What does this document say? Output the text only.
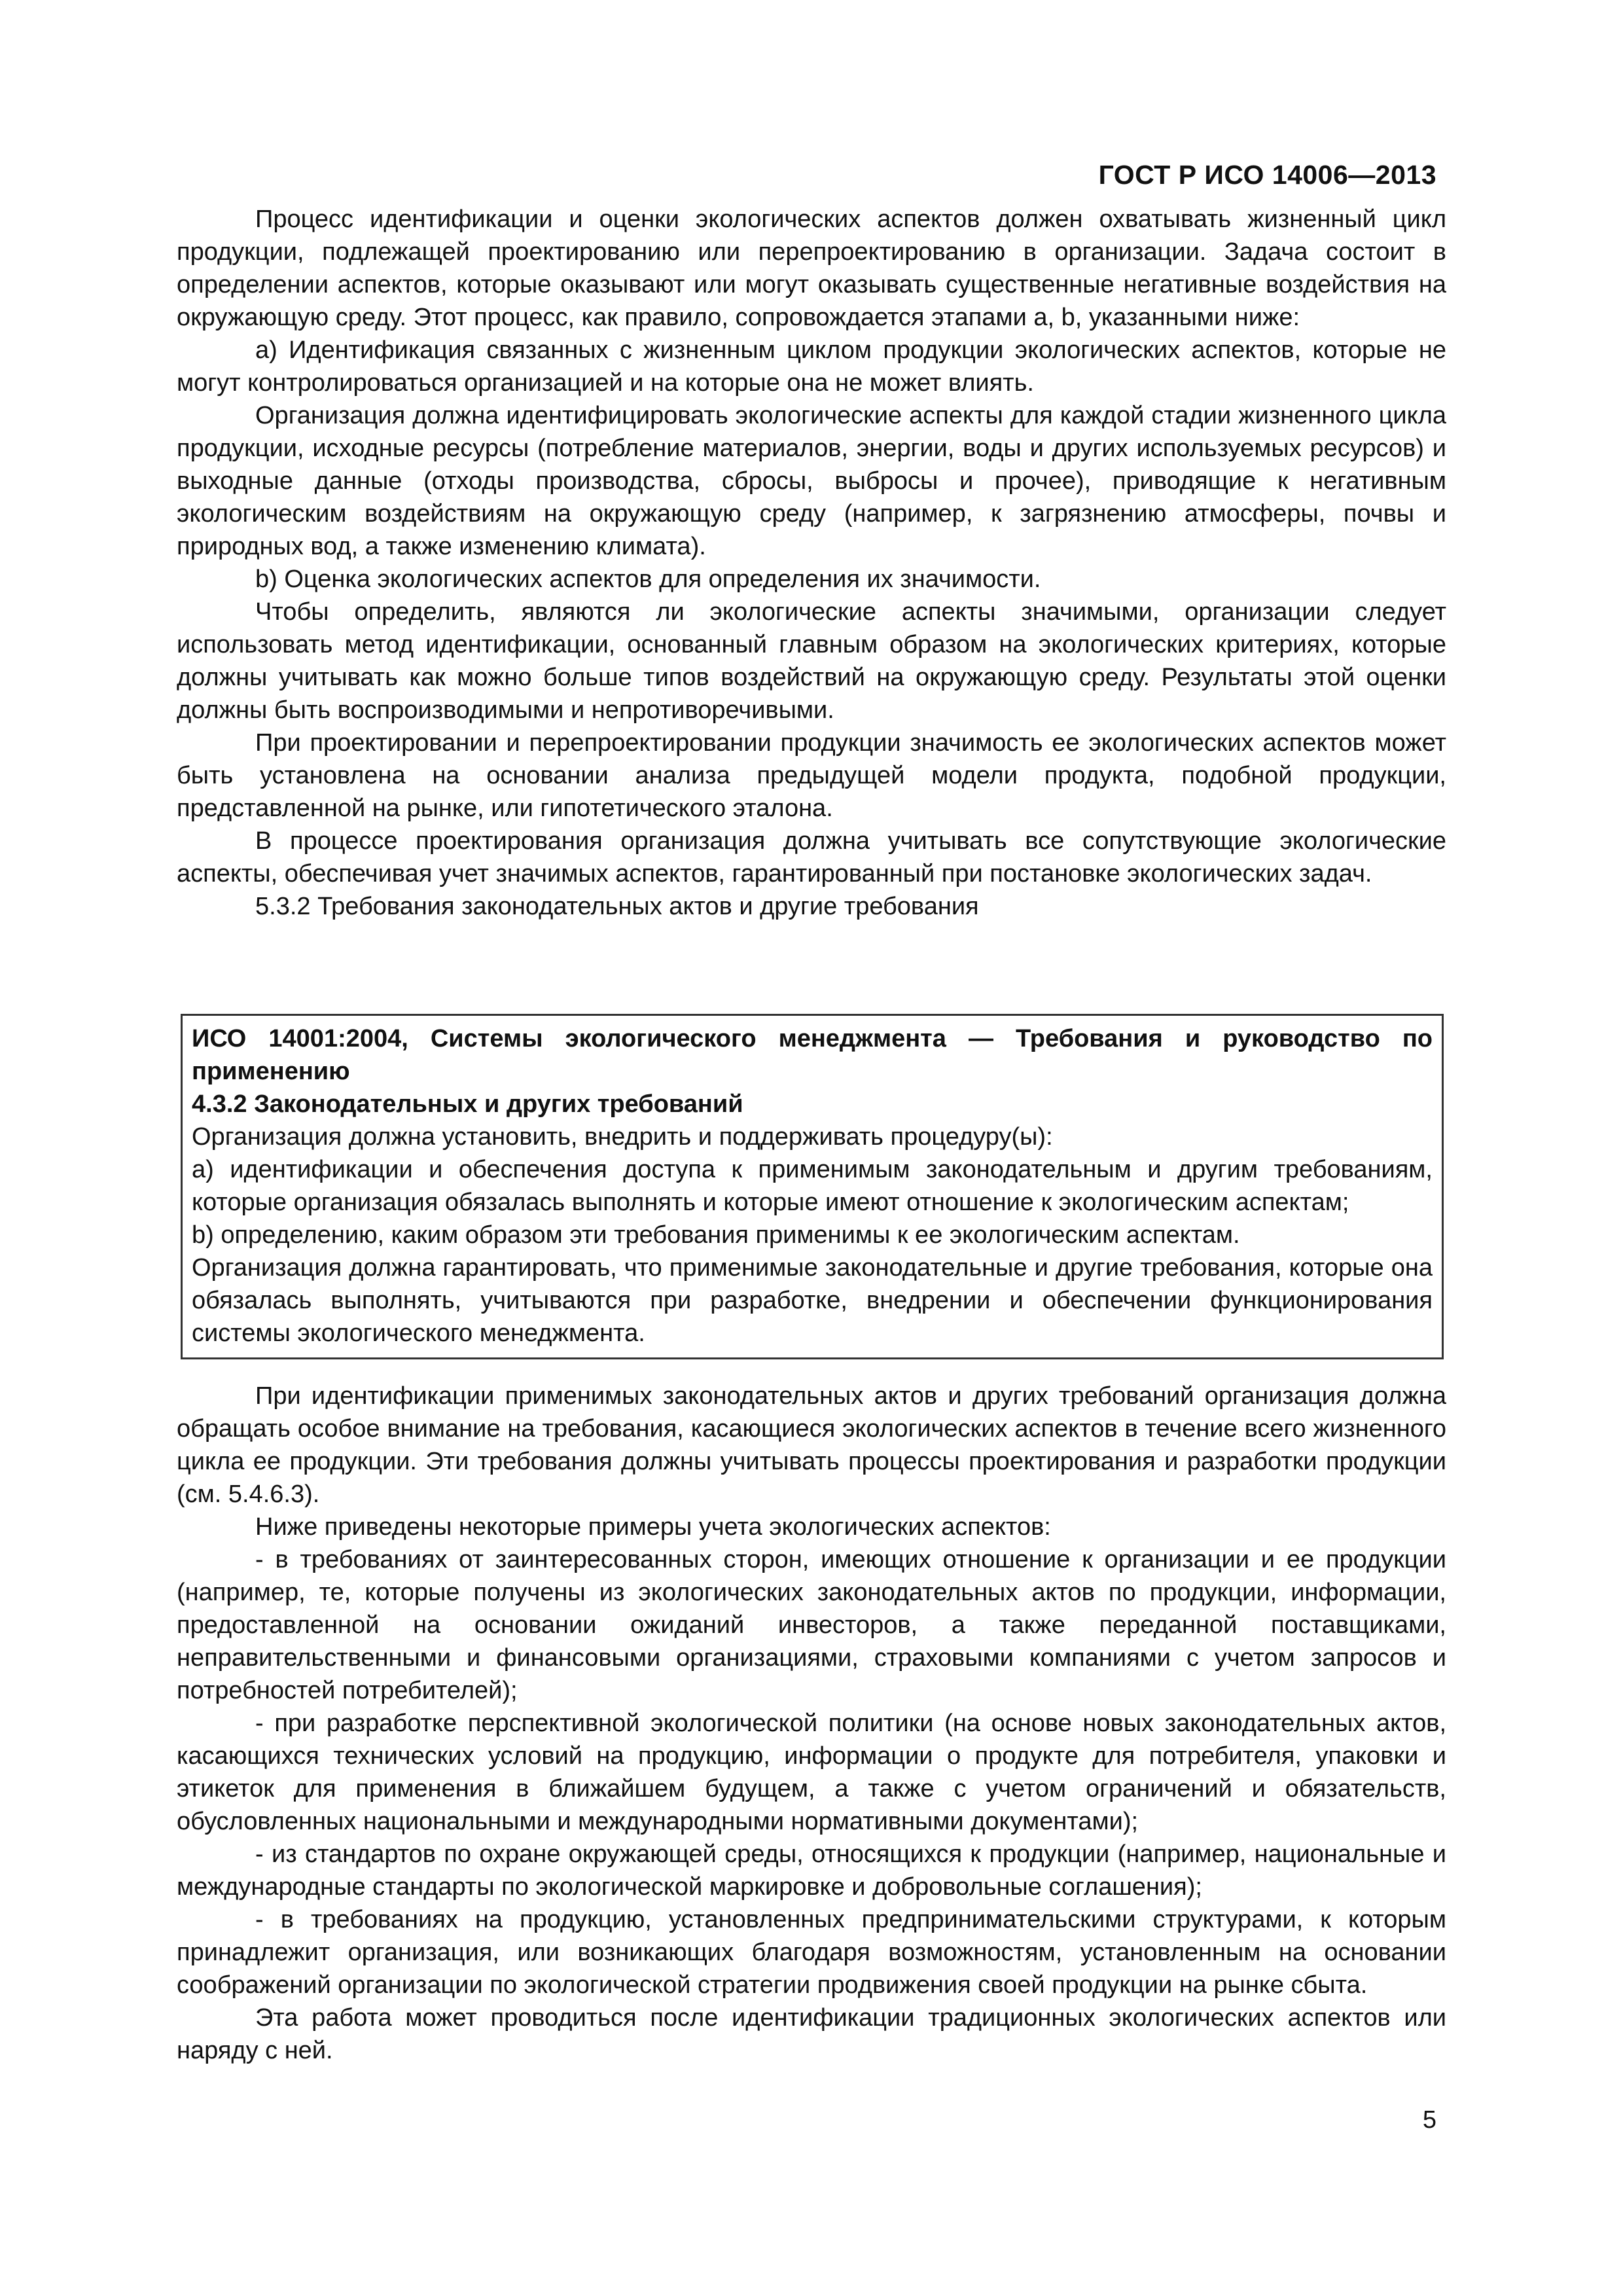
ГОСТ Р ИСО 14006—2013

Процесс идентификации и оценки экологических аспектов должен охватывать жизненный цикл продукции, подлежащей проектированию или перепроектированию в организации. Задача состоит в определении аспектов, которые оказывают или могут оказывать существенные негативные воздействия на окружающую среду. Этот процесс, как правило, сопровождается этапами a, b, указанными ниже:

a) Идентификация связанных с жизненным циклом продукции экологических аспектов, которые не могут контролироваться организацией и на которые она не может влиять.

Организация должна идентифицировать экологические аспекты для каждой стадии жизненного цикла продукции, исходные ресурсы (потребление материалов, энергии, воды и других используемых ресурсов) и выходные данные (отходы производства, сбросы, выбросы и прочее), приводящие к негативным экологическим воздействиям на окружающую среду (например, к загрязнению атмосферы, почвы и природных вод, а также изменению климата).

b) Оценка экологических аспектов для определения их значимости.

Чтобы определить, являются ли экологические аспекты значимыми, организации следует использовать метод идентификации, основанный главным образом на экологических критериях, которые должны учитывать как можно больше типов воздействий на окружающую среду. Результаты этой оценки должны быть воспроизводимыми и непротиворечивыми.

При проектировании и перепроектировании продукции значимость ее экологических аспектов может быть установлена на основании анализа предыдущей модели продукта, подобной продукции, представленной на рынке, или гипотетического эталона.

В процессе проектирования организация должна учитывать все сопутствующие экологические аспекты, обеспечивая учет значимых аспектов, гарантированный при постановке экологических задач.

5.3.2 Требования законодательных актов и другие требования

ИСО 14001:2004, Системы экологического менеджмента — Требования и руководство по применению

4.3.2 Законодательных и других требований

Организация должна установить, внедрить и поддерживать процедуру(ы):

a) идентификации и обеспечения доступа к применимым законодательным и другим требованиям, которые организация обязалась выполнять и которые имеют отношение к экологическим аспектам;

b) определению, каким образом эти требования применимы к ее экологическим аспектам.

Организация должна гарантировать, что применимые законодательные и другие требования, которые она обязалась выполнять, учитываются при разработке, внедрении и обеспечении функционирования системы экологического менеджмента.

При идентификации применимых законодательных актов и других требований организация должна обращать особое внимание на требования, касающиеся экологических аспектов в течение всего жизненного цикла ее продукции. Эти требования должны учитывать процессы проектирования и разработки продукции (см. 5.4.6.3).

Ниже приведены некоторые примеры учета экологических аспектов:

- в требованиях от заинтересованных сторон, имеющих отношение к организации и ее продукции (например, те, которые получены из экологических законодательных актов по продукции, информации, предоставленной на основании ожиданий инвесторов, а также переданной поставщиками, неправительственными и финансовыми организациями, страховыми компаниями с учетом запросов и потребностей потребителей);

- при разработке перспективной экологической политики (на основе новых законодательных актов, касающихся технических условий на продукцию, информации о продукте для потребителя, упаковки и этикеток для применения в ближайшем будущем, а также с учетом ограничений и обязательств, обусловленных национальными и международными нормативными документами);

- из стандартов по охране окружающей среды, относящихся к продукции (например, национальные и международные стандарты по экологической маркировке и добровольные соглашения);

- в требованиях на продукцию, установленных предпринимательскими структурами, к которым принадлежит организация, или возникающих благодаря возможностям, установленным на основании соображений организации по экологической стратегии продвижения своей продукции на рынке сбыта.

Эта работа может проводиться после идентификации традиционных экологических аспектов или наряду с ней.

5
